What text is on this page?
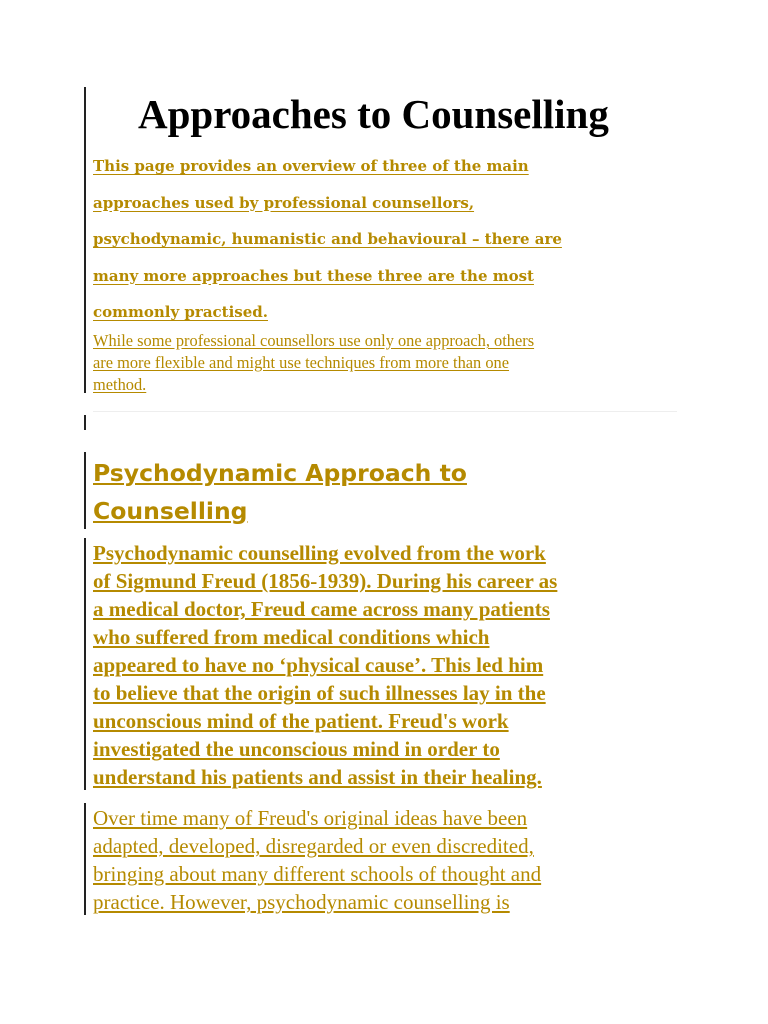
Approaches to Counselling
This page provides an overview of three of the main
approaches used by professional counsellors,
psychodynamic, humanistic and behavioural – there are
many more approaches but these three are the most
commonly practised.
While some professional counsellors use only one approach, others
are more flexible and might use techniques from more than one
method.
Psychodynamic Approach to
Counselling
Psychodynamic counselling evolved from the work
of Sigmund Freud (1856-1939). During his career as
a medical doctor, Freud came across many patients
who suffered from medical conditions which
appeared to have no ‘physical cause’. This led him
to believe that the origin of such illnesses lay in the
unconscious mind of the patient. Freud's work
investigated the unconscious mind in order to
understand his patients and assist in their healing.
Over time many of Freud's original ideas have been
adapted, developed, disregarded or even discredited,
bringing about many different schools of thought and
practice. However, psychodynamic counselling is
